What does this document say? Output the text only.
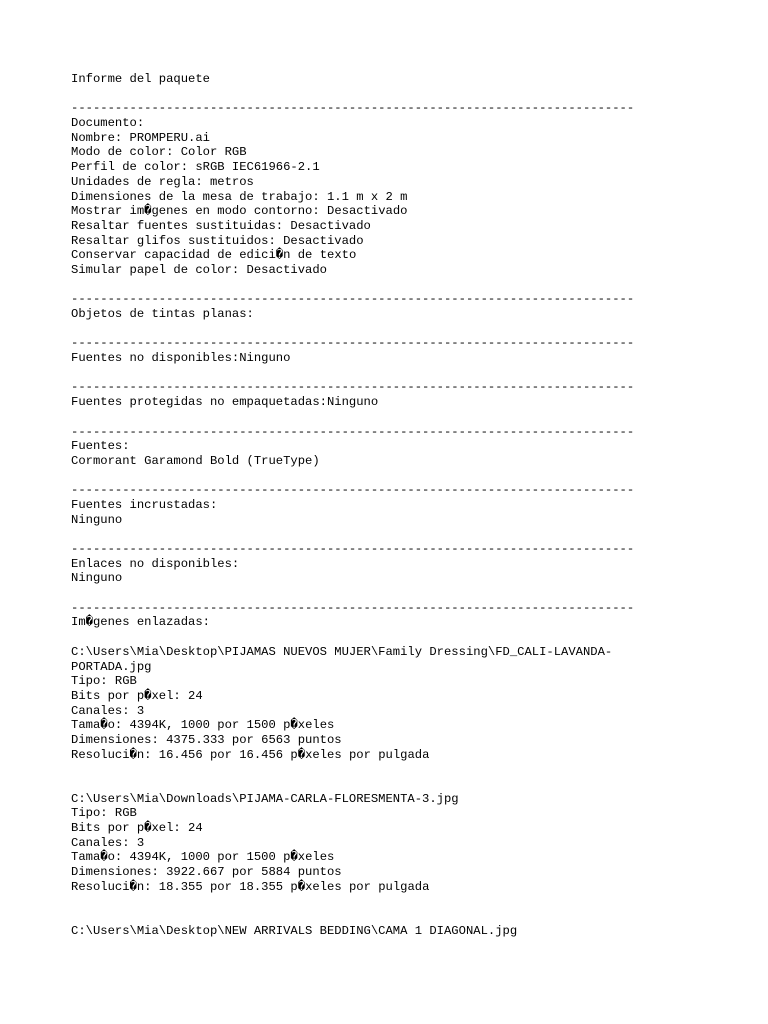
Informe del paquete
-----------------------------------------------------------------------------
Documento:
Nombre: PROMPERU.ai
Modo de color: Color RGB
Perfil de color: sRGB IEC61966-2.1
Unidades de regla: metros
Dimensiones de la mesa de trabajo: 1.1 m x 2 m
Mostrar im�genes en modo contorno: Desactivado
Resaltar fuentes sustituidas: Desactivado
Resaltar glifos sustituidos: Desactivado
Conservar capacidad de edici�n de texto
Simular papel de color: Desactivado
-----------------------------------------------------------------------------
Objetos de tintas planas:
-----------------------------------------------------------------------------
Fuentes no disponibles:Ninguno
-----------------------------------------------------------------------------
Fuentes protegidas no empaquetadas:Ninguno
-----------------------------------------------------------------------------
Fuentes:
Cormorant Garamond Bold (TrueType)
-----------------------------------------------------------------------------
Fuentes incrustadas:
Ninguno
-----------------------------------------------------------------------------
Enlaces no disponibles:
Ninguno
-----------------------------------------------------------------------------
Im�genes enlazadas:
C:\Users\Mia\Desktop\PIJAMAS NUEVOS MUJER\Family Dressing\FD_CALI-LAVANDA-
PORTADA.jpg
Tipo: RGB
Bits por p�xel: 24
Canales: 3
Tama�o: 4394K, 1000 por 1500 p�xeles
Dimensiones: 4375.333 por 6563 puntos
Resoluci�n: 16.456 por 16.456 p�xeles por pulgada
C:\Users\Mia\Downloads\PIJAMA-CARLA-FLORESMENTA-3.jpg
Tipo: RGB
Bits por p�xel: 24
Canales: 3
Tama�o: 4394K, 1000 por 1500 p�xeles
Dimensiones: 3922.667 por 5884 puntos
Resoluci�n: 18.355 por 18.355 p�xeles por pulgada
C:\Users\Mia\Desktop\NEW ARRIVALS BEDDING\CAMA 1 DIAGONAL.jpg
